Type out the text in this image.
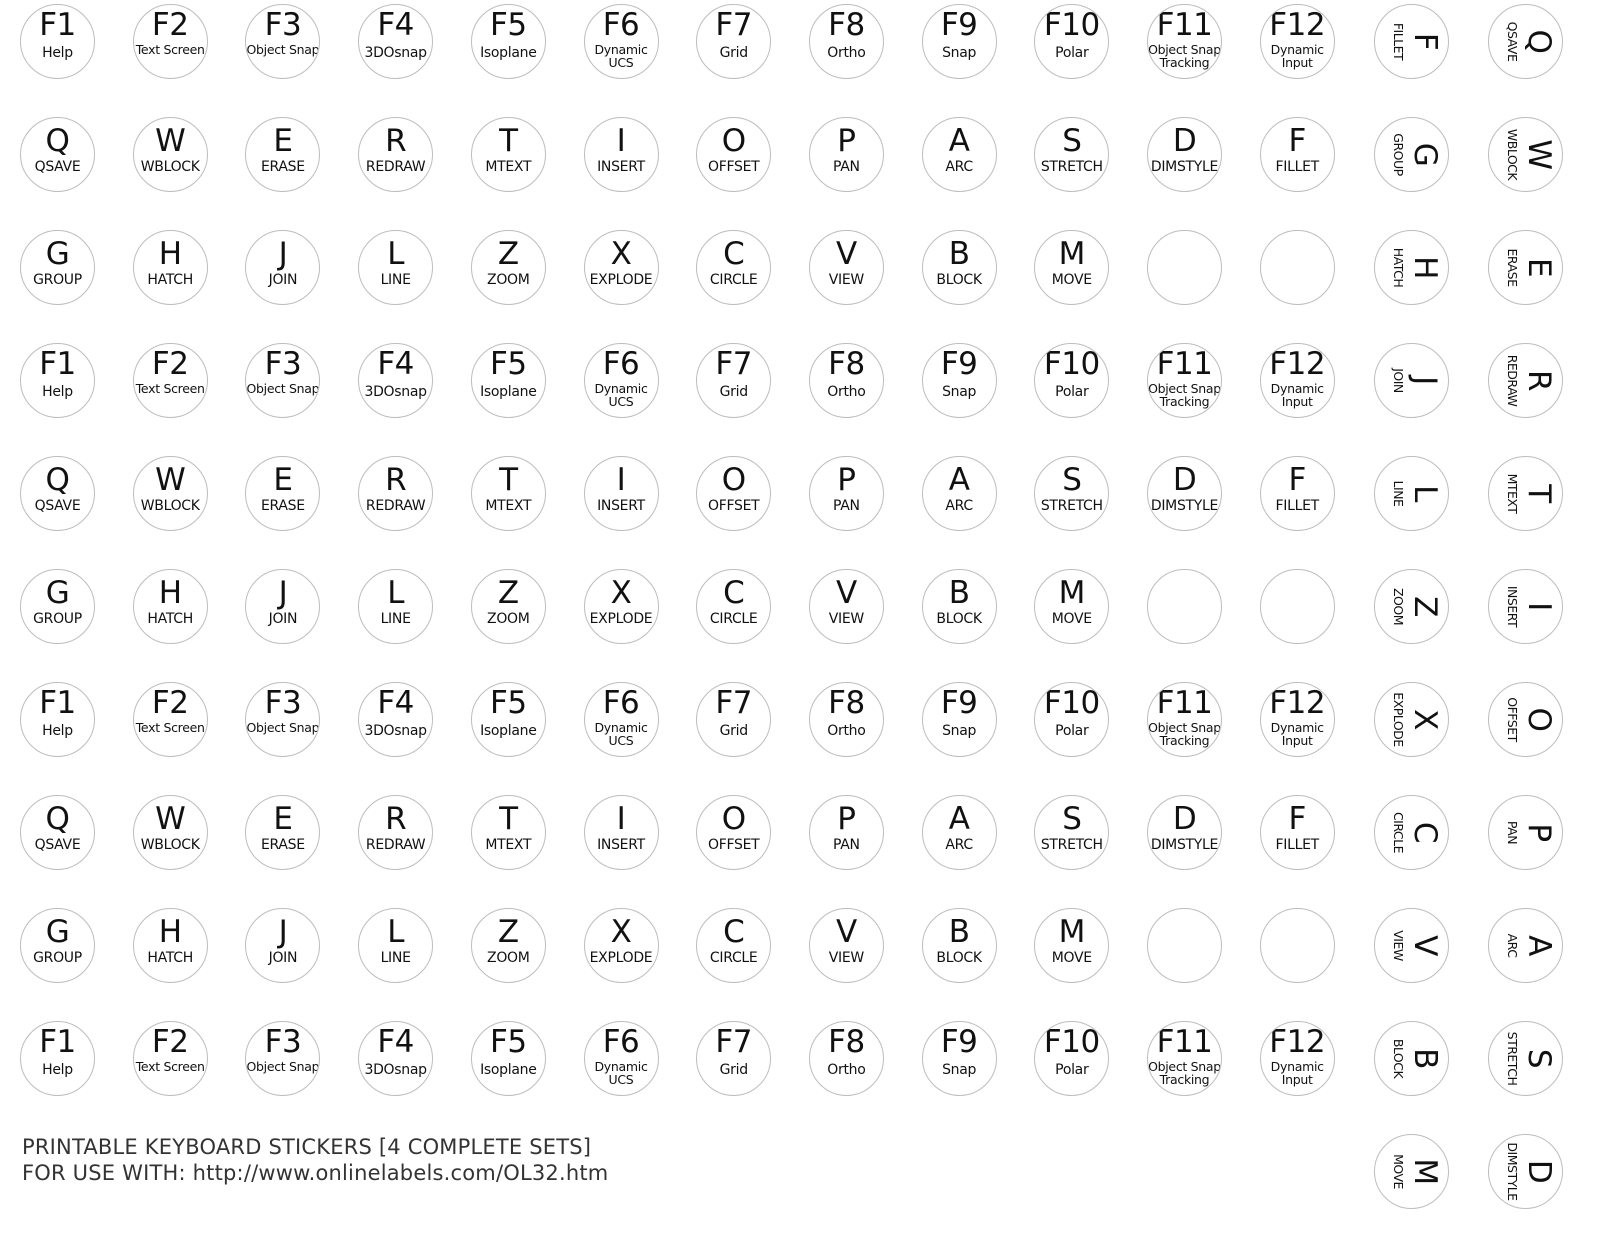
F1
Help
F2
Text Screen
F3
Object Snap
F4
3DOsnap
F5
Isoplane
F6
Dynamic UCS
F7
Grid
F8
Ortho
F9
Snap
F10
Polar
F11
Object Snap Tracking
F12
Dynamic Input
Q
QSAVE
W
WBLOCK
E
ERASE
R
REDRAW
T
MTEXT
I
INSERT
O
OFFSET
P
PAN
A
ARC
S
STRETCH
D
DIMSTYLE
F
FILLET
G
GROUP
H
HATCH
J
JOIN
L
LINE
Z
ZOOM
X
EXPLODE
C
CIRCLE
V
VIEW
B
BLOCK
M
MOVE
F1
Help
F2
Text Screen
F3
Object Snap
F4
3DOsnap
F5
Isoplane
F6
Dynamic UCS
F7
Grid
F8
Ortho
F9
Snap
F10
Polar
F11
Object Snap Tracking
F12
Dynamic Input
Q
QSAVE
W
WBLOCK
E
ERASE
R
REDRAW
T
MTEXT
I
INSERT
O
OFFSET
P
PAN
A
ARC
S
STRETCH
D
DIMSTYLE
F
FILLET
G
GROUP
H
HATCH
J
JOIN
L
LINE
Z
ZOOM
X
EXPLODE
C
CIRCLE
V
VIEW
B
BLOCK
M
MOVE
F1
Help
F2
Text Screen
F3
Object Snap
F4
3DOsnap
F5
Isoplane
F6
Dynamic UCS
F7
Grid
F8
Ortho
F9
Snap
F10
Polar
F11
Object Snap Tracking
F12
Dynamic Input
Q
QSAVE
W
WBLOCK
E
ERASE
R
REDRAW
T
MTEXT
I
INSERT
O
OFFSET
P
PAN
A
ARC
S
STRETCH
D
DIMSTYLE
F
FILLET
G
GROUP
H
HATCH
J
JOIN
L
LINE
Z
ZOOM
X
EXPLODE
C
CIRCLE
V
VIEW
B
BLOCK
M
MOVE
F1
Help
F2
Text Screen
F3
Object Snap
F4
3DOsnap
F5
Isoplane
F6
Dynamic UCS
F7
Grid
F8
Ortho
F9
Snap
F10
Polar
F11
Object Snap Tracking
F12
Dynamic Input
F
FILLET
G
GROUP
H
HATCH
J
JOIN
L
LINE
Z
ZOOM
X
EXPLODE
C
CIRCLE
V
VIEW
B
BLOCK
M
MOVE
Q
QSAVE
W
WBLOCK
E
ERASE
R
REDRAW
T
MTEXT
I
INSERT
O
OFFSET
P
PAN
A
ARC
S
STRETCH
D
DIMSTYLE
PRINTABLE KEYBOARD STICKERS [4 COMPLETE SETS]
FOR USE WITH: http://www.onlinelabels.com/OL32.htm
